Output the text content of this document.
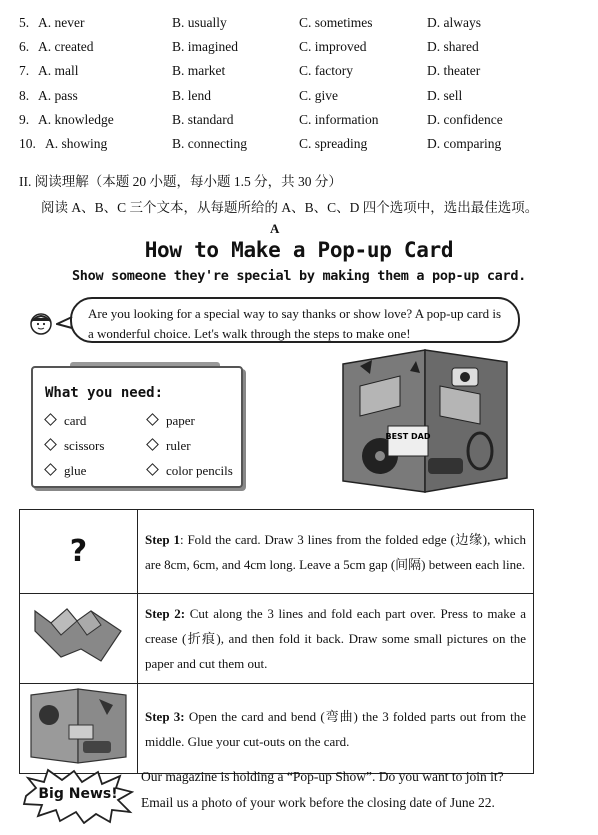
5. A. never	B. usually	C. sometimes	D. always
6. A. created	B. imagined	C. improved	D. shared
7. A. mall	B. market	C. factory	D. theater
8. A. pass	B. lend	C. give	D. sell
9. A. knowledge	B. standard	C. information	D. confidence
10. A. showing	B. connecting	C. spreading	D. comparing
II. 阅读理解（本题 20 小题，每小题 1.5 分，共 30 分）
阅读 A、B、C 三个文本，从每题所给的 A、B、C、D 四个选项中，选出最佳选项。
A
How to Make a Pop-up Card
Show someone they're special by making them a pop-up card.
Are you looking for a special way to say thanks or show love? A pop-up card is a wonderful choice. Let's walk through the steps to make one!
What you need:
card	paper
scissors	ruler
glue	color pencils
BEST DAD
?	Step 1: Fold the card. Draw 3 lines from the folded edge (边缘), which are 8cm, 6cm, and 4cm long. Leave a 5cm gap (间隔) between each line.
	Step 2: Cut along the 3 lines and fold each part over. Press to make a crease (折痕), and then fold it back. Draw some small pictures on the paper and cut them out.
	Step 3: Open the card and bend (弯曲) the 3 folded parts out from the middle. Glue your cut-outs on the card.
Big News!
Our magazine is holding a “Pop-up Show”. Do you want to join it? Email us a photo of your work before the closing date of June 22.
